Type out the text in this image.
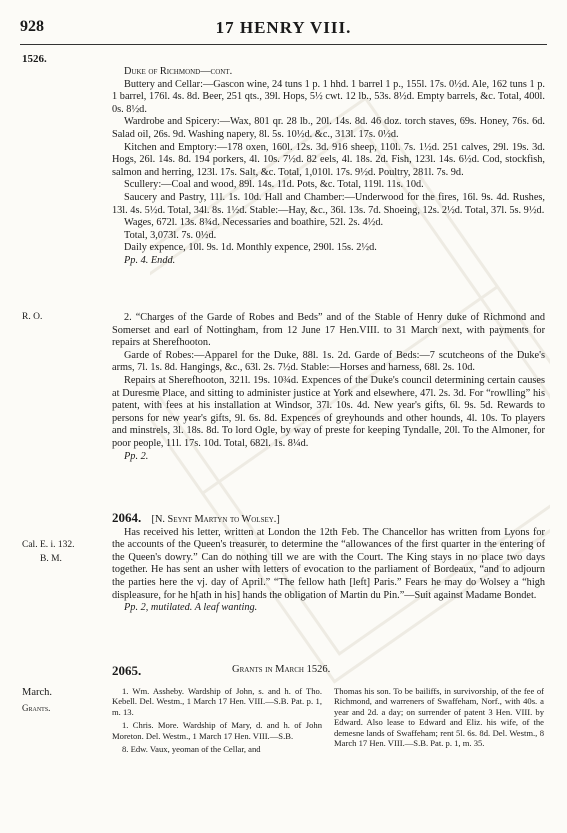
928	17 HENRY VIII.
1526.
R. O.
Cal. E. i. 132.
B. M.
March.
Grants.

Duke of Richmond—cont.

Buttery and Cellar:—Gascon wine, 24 tuns 1 p. 1 hhd. 1 barrel 1 p., 155l. 17s. 0½d. Ale, 162 tuns 1 p. 1 barrel, 176l. 4s. 8d. Beer, 251 qts., 39l. Hops, 5½ cwt. 12 lb., 53s. 8½d. Empty barrels, &c. Total, 400l. 0s. 8½d.

Wardrobe and Spicery:—Wax, 801 qr. 28 lb., 20l. 14s. 8d. 46 doz. torch staves, 69s. Honey, 76s. 6d. Salad oil, 26s. 9d. Washing napery, 8l. 5s. 10½d. &c., 313l. 17s. 0½d.

Kitchen and Emptory:—178 oxen, 160l. 12s. 3d. 916 sheep, 110l. 7s. 1½d. 251 calves, 29l. 19s. 3d. Hogs, 26l. 14s. 8d. 194 porkers, 4l. 10s. 7½d. 82 eels, 4l. 18s. 2d. Fish, 123l. 14s. 6½d. Cod, stockfish, salmon and herring, 123l. 17s. Salt, &c. Total, 1,010l. 17s. 9½d. Poultry, 281l. 7s. 9d.

Scullery:—Coal and wood, 89l. 14s. 11d. Pots, &c. Total, 119l. 11s. 10d.

Saucery and Pastry, 11l. 1s. 10d. Hall and Chamber:—Underwood for the fires, 16l. 9s. 4d. Rushes, 13l. 4s. 5½d. Total, 34l. 8s. 1½d. Stable:—Hay, &c., 36l. 13s. 7d. Shoeing, 12s. 2½d. Total, 37l. 5s. 9½d.

Wages, 672l. 13s. 8¾d. Necessaries and boathire, 52l. 2s. 4½d.

Total, 3,073l. 7s. 0½d.

Daily expence, 10l. 9s. 1d. Monthly expence, 290l. 15s. 2½d.

Pp. 4. Endd.

2. “Charges of the Garde of Robes and Beds” and of the Stable of Henry duke of Richmond and Somerset and earl of Nottingham, from 12 June 17 Hen.VIII. to 31 March next, with payments for repairs at Sherefhooton.

Garde of Robes:—Apparel for the Duke, 88l. 1s. 2d. Garde of Beds:—7 scutcheons of the Duke's arms, 7l. 1s. 8d. Hangings, &c., 63l. 2s. 7½d. Stable:—Horses and harness, 68l. 2s. 10d.

Repairs at Sherefhooton, 321l. 19s. 10¾d. Expences of the Duke's council determining certain causes at Duresme Place, and sitting to administer justice at York and elsewhere, 47l. 2s. 3d. For “rowlling” his patent, with fees at his installation at Windsor, 37l. 10s. 4d. New year's gifts, 6l. 9s. 5d. Rewards to persons for new year's gifts, 9l. 6s. 8d. Expences of greyhounds and other hounds, 4l. 10s. To players and minstrels, 3l. 18s. 8d. To lord Ogle, by way of preste for keeping Tyndalle, 20l. To the Almoner, for poor people, 11l. 17s. 10d. Total, 682l. 1s. 8¼d.

Pp. 2.

2064. [N. Seynt Martyn to Wolsey.]

Has received his letter, written at London the 12th Feb. The Chancellor has written from Lyons for the accounts of the Queen's treasurer, to determine the “allowances of the first quarter in the entering of the Queen's dowry.” Can do nothing till we are with the Court. The King stays in no place two days together. He has sent an usher with letters of evocation to the parliament of Bordeaux, “and to adjourn the parties here the vj. day of April.” “The fellow hath [left] Paris.” Fears he may do Wolsey a “high displeasure, for he h[ath in his] hands the obligation of Martin du Pin.”—Suit against Madame Bondet.

Pp. 2, mutilated. A leaf wanting.

2065.	Grants in March 1526.

1. Wm. Assheby. Wardship of John, s. and h. of Tho. Kebell. Del. Westm., 1 March 17 Hen. VIII.—S.B. Pat. p. 1, m. 13.

1. Chris. More. Wardship of Mary, d. and h. of John Moreton. Del. Westm., 1 March 17 Hen. VIII.—S.B.

8. Edw. Vaux, yeoman of the Cellar, and

Thomas his son. To be bailiffs, in survivorship, of the fee of Richmond, and warreners of Swaffeham, Norf., with 40s. a year and 2d. a day; on surrender of patent 3 Hen. VIII. by Edward. Also lease to Edward and Eliz. his wife, of the demesne lands of Swaffeham; rent 5l. 6s. 8d. Del. Westm., 8 March 17 Hen. VIII.—S.B. Pat. p. 1, m. 35.
